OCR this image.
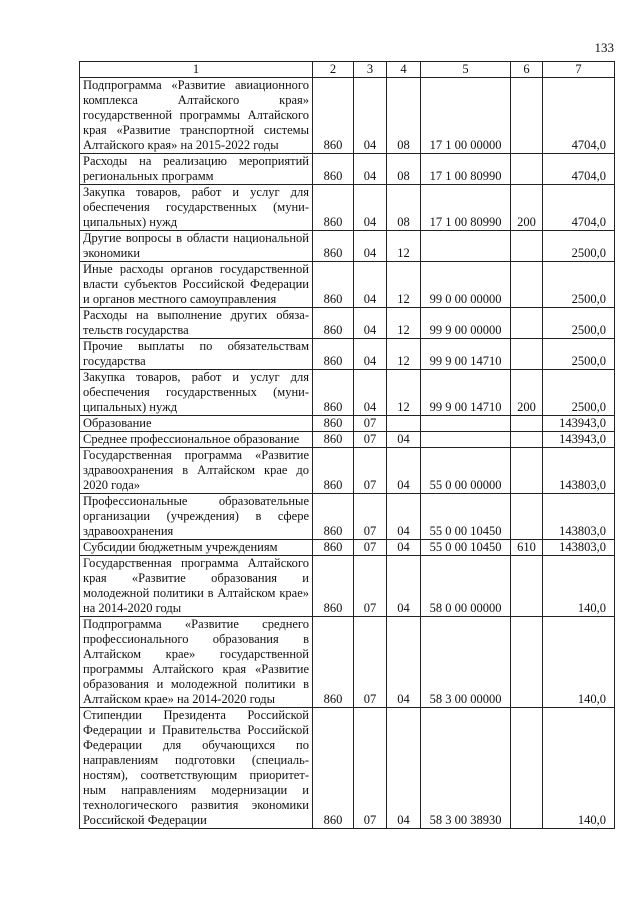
133
1	2	3	4	5	6	7
Подпрограмма «Развитие авиационного комплекса Алтайского края» государственной программы Алтайского края «Развитие транспортной системы Алтайского края» на 2015-2022 годы	860	04	08	17 1 00 00000		4704,0
Расходы на реализацию мероприятий региональных программ	860	04	08	17 1 00 80990		4704,0
Закупка товаров, работ и услуг для обеспечения государственных (муниципальных) нужд	860	04	08	17 1 00 80990	200	4704,0
Другие вопросы в области национальной экономики	860	04	12			2500,0
Иные расходы органов государственной власти субъектов Российской Федерации и органов местного самоуправления	860	04	12	99 0 00 00000		2500,0
Расходы на выполнение других обязательств государства	860	04	12	99 9 00 00000		2500,0
Прочие выплаты по обязательствам государства	860	04	12	99 9 00 14710		2500,0
Закупка товаров, работ и услуг для обеспечения государственных (муниципальных) нужд	860	04	12	99 9 00 14710	200	2500,0
Образование	860	07				143943,0
Среднее профессиональное образование	860	07	04			143943,0
Государственная программа «Развитие здравоохранения в Алтайском крае до 2020 года»	860	07	04	55 0 00 00000		143803,0
Профессиональные образовательные организации (учреждения) в сфере здравоохранения	860	07	04	55 0 00 10450		143803,0
Субсидии бюджетным учреждениям	860	07	04	55 0 00 10450	610	143803,0
Государственная программа Алтайского края «Развитие образования и молодежной политики в Алтайском крае» на 2014-2020 годы	860	07	04	58 0 00 00000		140,0
Подпрограмма «Развитие среднего профессионального образования в Алтайском крае» государственной программы Алтайского края «Развитие образования и молодежной политики в Алтайском крае» на 2014-2020 годы	860	07	04	58 3 00 00000		140,0
Стипендии Президента Российской Федерации и Правительства Российской Федерации для обучающихся по направлениям подготовки (специальностям), соответствующим приоритетным направлениям модернизации и технологического развития экономики Российской Федерации	860	07	04	58 3 00 38930		140,0
